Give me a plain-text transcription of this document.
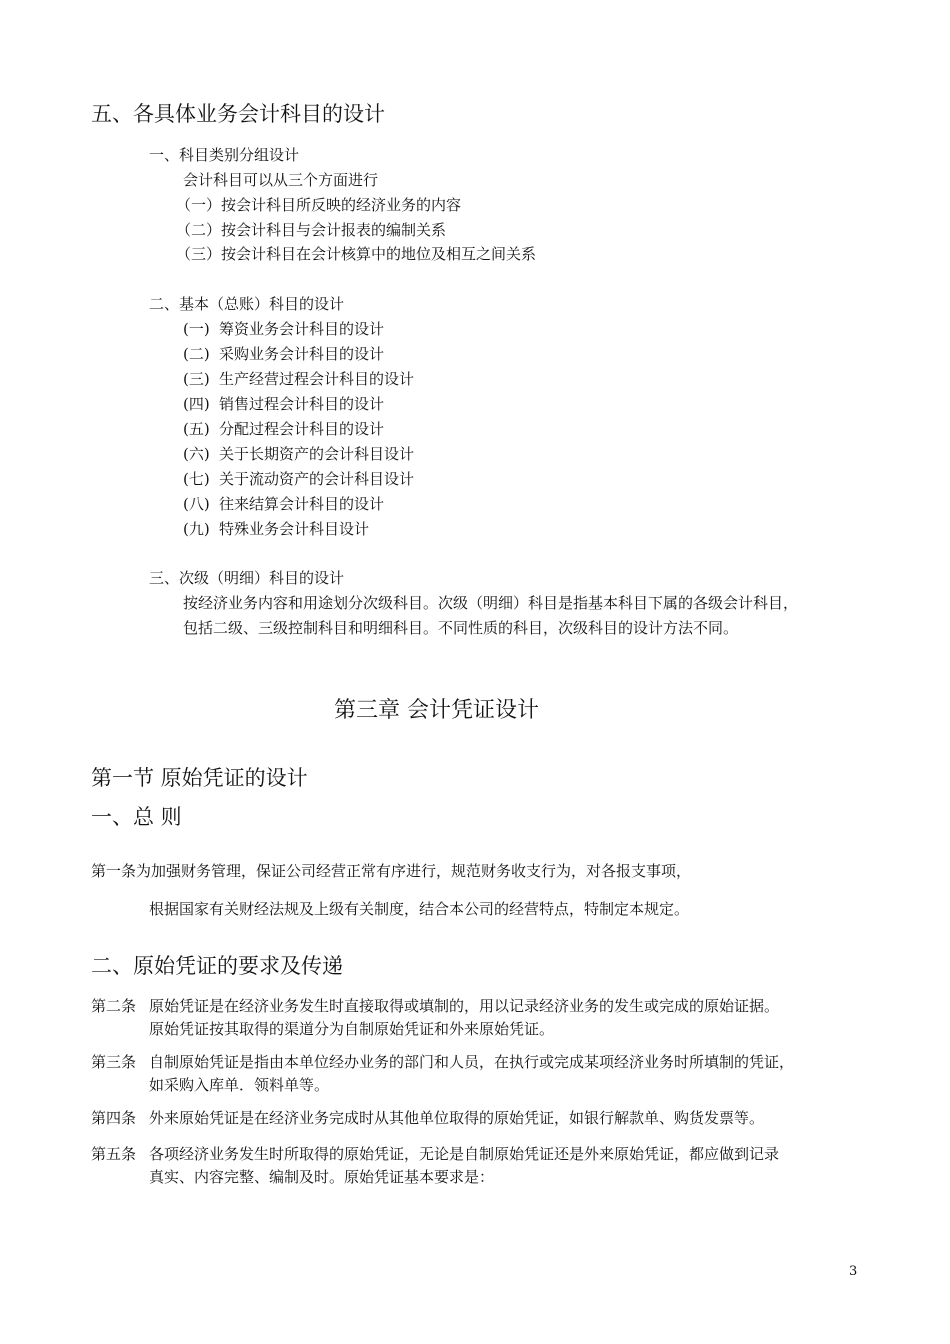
五、各具体业务会计科目的设计
一、科目类别分组设计
会计科目可以从三个方面进行
（一）按会计科目所反映的经济业务的内容
（二）按会计科目与会计报表的编制关系
（三）按会计科目在会计核算中的地位及相互之间关系
二、基本（总账）科目的设计
(一) 筹资业务会计科目的设计
(二) 采购业务会计科目的设计
(三) 生产经营过程会计科目的设计
(四) 销售过程会计科目的设计
(五) 分配过程会计科目的设计
(六) 关于长期资产的会计科目设计
(七) 关于流动资产的会计科目设计
(八) 往来结算会计科目的设计
(九) 特殊业务会计科目设计
三、次级（明细）科目的设计
按经济业务内容和用途划分次级科目。次级（明细）科目是指基本科目下属的各级会计科目，
包括二级、三级控制科目和明细科目。不同性质的科目，次级科目的设计方法不同。
第三章 会计凭证设计
第一节 原始凭证的设计
一、总 则
第一条为加强财务管理，保证公司经营正常有序进行，规范财务收支行为，对各报支事项，
根据国家有关财经法规及上级有关制度，结合本公司的经营特点，特制定本规定。
二、原始凭证的要求及传递
第二条 原始凭证是在经济业务发生时直接取得或填制的，用以记录经济业务的发生或完成的原始证据。
原始凭证按其取得的渠道分为自制原始凭证和外来原始凭证。
第三条 自制原始凭证是指由本单位经办业务的部门和人员，在执行或完成某项经济业务时所填制的凭证，
如采购入库单．领料单等。
第四条 外来原始凭证是在经济业务完成时从其他单位取得的原始凭证，如银行解款单、购货发票等。
第五条 各项经济业务发生时所取得的原始凭证，无论是自制原始凭证还是外来原始凭证，都应做到记录
真实、内容完整、编制及时。原始凭证基本要求是：
3
